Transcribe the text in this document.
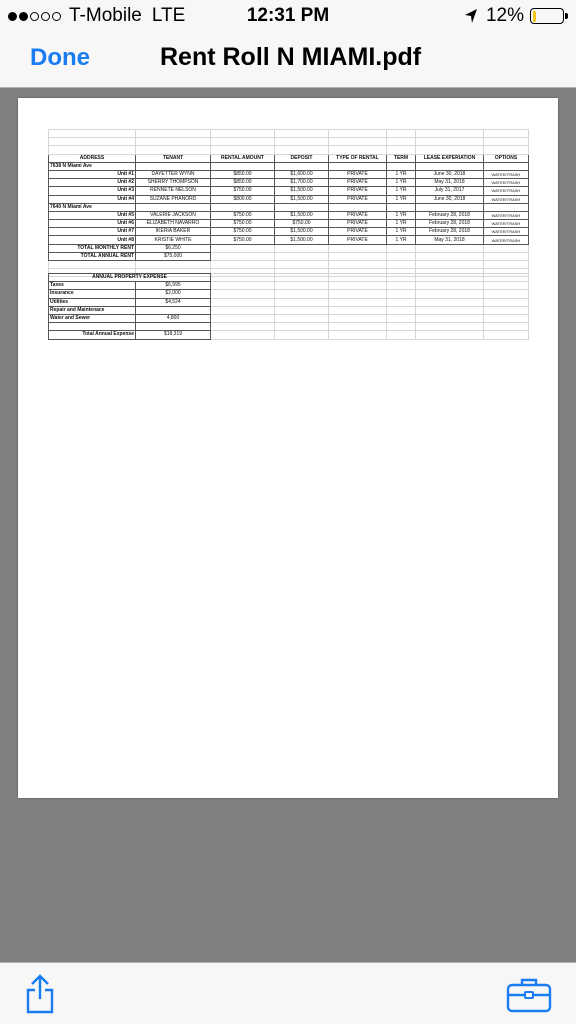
T-Mobile LTE	12:31 PM	12%
Done	Rent Roll N MIAMI.pdf

ADDRESS	TENANT	RENTAL AMOUNT	DEPOSIT	TYPE OF RENTAL	TERM	LEASE EXPERIATION	OPTIONS
7638 N Miami Ave							
Unit #1	DAYETTER WYNN	$850.00	$1,600.00	PRIVATE	1 YR	June 30, 2018	WATER/TRASH
Unit #2	SHERRY THOMPSON	$850.00	$1,700.00	PRIVATE	1 YR	May 31, 2018	WATER/TRASH
Unit #3	RENNETE NELSON	$750.00	$1,500.00	PRIVATE	1 YR	July 31, 2017	WATER/TRASH
Unit #4	SUZANE PHANORD	$800.00	$1,500.00	PRIVATE	1 YR	June 30, 2018	WATER/TRASH
7640 N Miami Ave							
Unit #5	VALERIE JACKSON	$750.00	$1,500.00	PRIVATE	1 YR	February 28, 2018	WATER/TRASH
Unit #6	ELIZABETH NAVARRO	$750.00	$750.00	PRIVATE	1 YR	February 28, 2018	WATER/TRASH
Unit #7	IKERIA BAKER	$750.00	$1,500.00	PRIVATE	1 YR	February 28, 2018	WATER/TRASH
Unit #8	KRISTIE WHITE	$750.00	$1,500.00	PRIVATE	1 YR	May 31, 2018	WATER/TRASH
TOTAL MONTHLY RENT	$6,250						
TOTAL ANNUAL RENT	$75,000						

ANNUAL PROPERTY EXPENSE							
Taxes	$6,995						
Insurance	$2,000						
Utilities	$4,524						
Repair and Maintenace							
Water and Sewer	4,800						

Total Annual Expense	$18,319						
